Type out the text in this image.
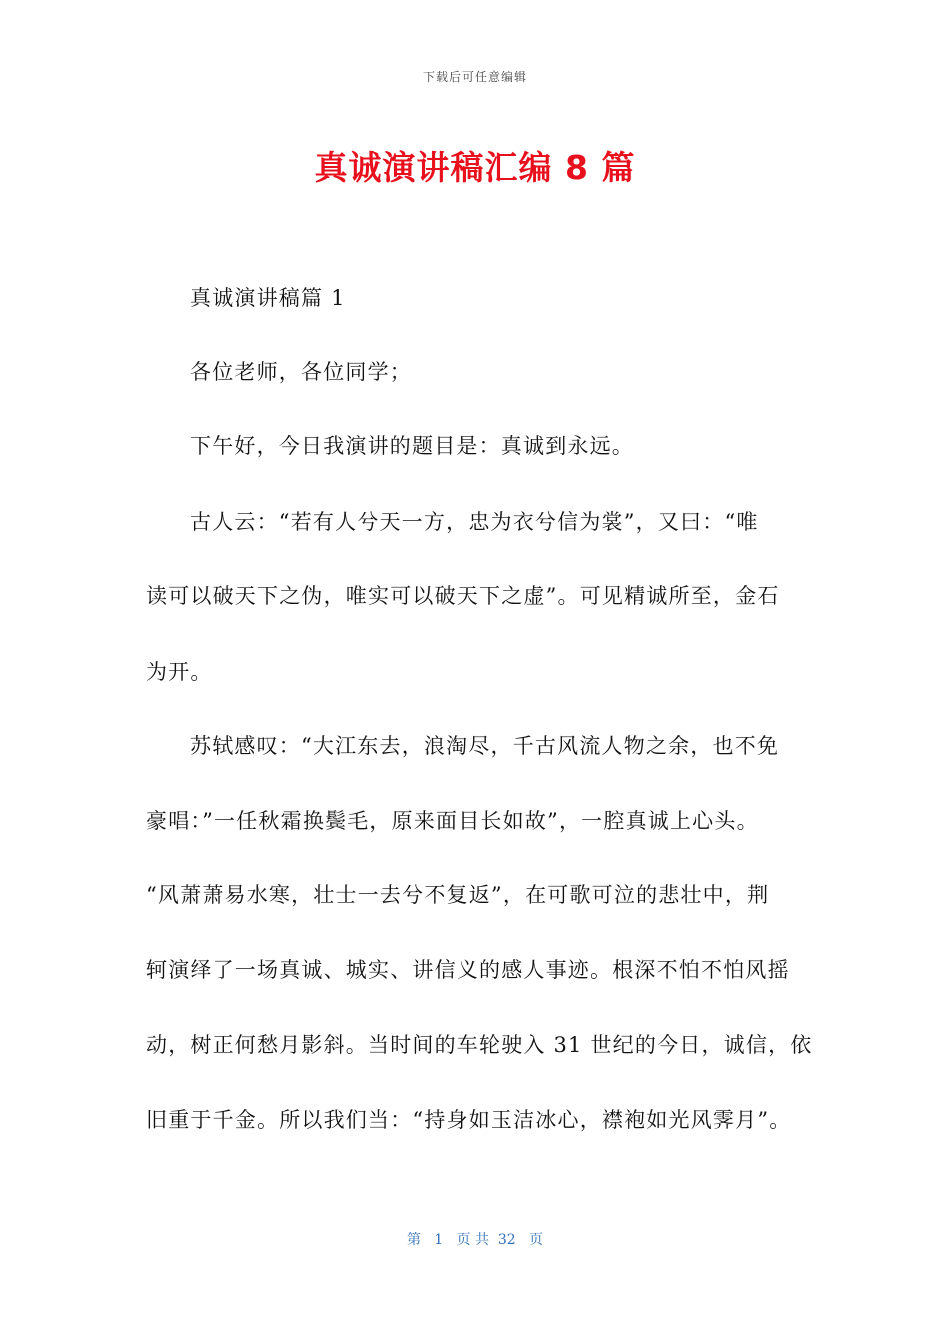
下载后可任意编辑
真诚演讲稿汇编 8 篇
真诚演讲稿篇 1
各位老师，各位同学；
下午好，今日我演讲的题目是：真诚到永远。
古人云：“若有人兮天一方，忠为衣兮信为裳”，又曰：“唯
读可以破天下之伪，唯实可以破天下之虚”。可见精诚所至，金石
为开。
苏轼感叹：“大江东去，浪淘尽，千古风流人物之余，也不免
豪唱：”一任秋霜换鬓毛，原来面目长如故”，一腔真诚上心头。
“风萧萧易水寒，壮士一去兮不复返”，在可歌可泣的悲壮中，荆
轲演绎了一场真诚、城实、讲信义的感人事迹。根深不怕不怕风摇
动，树正何愁月影斜。当时间的车轮驶入 31 世纪的今日，诚信，依
旧重于千金。所以我们当：“持身如玉洁冰心，襟袍如光风霁月”。
第   1   页 共  32   页
